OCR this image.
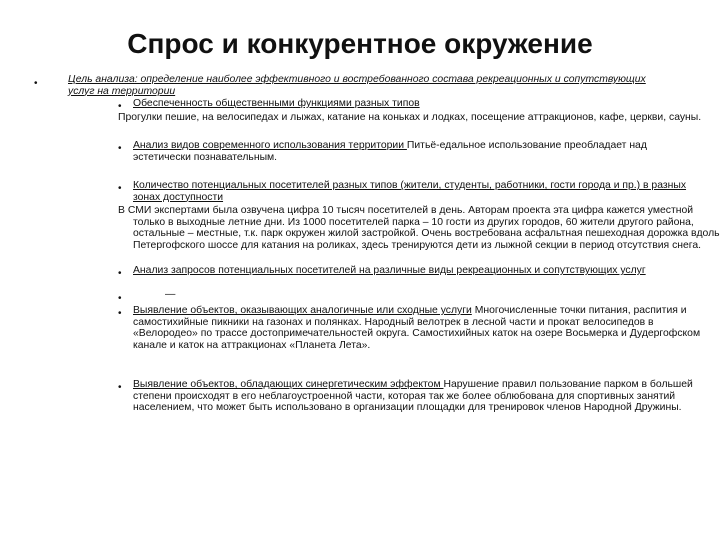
Спрос и конкурентное окружение
•	Цель анализа: определение наиболее эффективного и востребованного состава рекреационных и сопутствующих услуг на территории
• Обеспеченность общественными функциями разных типов
Прогулки пешие, на велосипедах и лыжах, катание на коньках и лодках, посещение аттракционов, кафе, церкви, сауны.
• Анализ видов современного использования территории Питьё-едальное использование преобладает над эстетически познавательным.
• Количество потенциальных посетителей разных типов (жители, студенты, работники, гости города и пр.) в разных зонах доступности
В СМИ экспертами была озвучена цифра 10 тысяч посетителей в день. Авторам проекта эта цифра кажется уместной только в выходные летние дни. Из 1000 посетителей парка – 10 гости из других городов, 60 жители другого района, остальные – местные, т.к. парк окружен жилой застройкой. Очень востребована асфальтная пешеходная дорожка вдоль Петергофского шоссе для катания на роликах, здесь тренируются дети из лыжной секции в период отсутствия снега.
• Анализ запросов потенциальных посетителей на различные виды рекреационных и сопутствующих услуг
•	—
• Выявление объектов, оказывающих аналогичные или сходные услуги Многочисленные точки питания, распития и самостихийные пикники на газонах и полянках. Народный велотрек в лесной части и прокат велосипедов в «Велородео» по трассе достопримечательностей округа. Самостихийных каток на озере Восьмерка и Дудергофском канале и каток на аттракционах «Планета Лета».
• Выявление объектов, обладающих синергетическим эффектом Нарушение правил пользование парком в большей степени происходят в его неблагоустроенной части, которая так же более облюбована для спортивных занятий населением, что может быть использовано в организации площадки для тренировок членов Народной Дружины.
